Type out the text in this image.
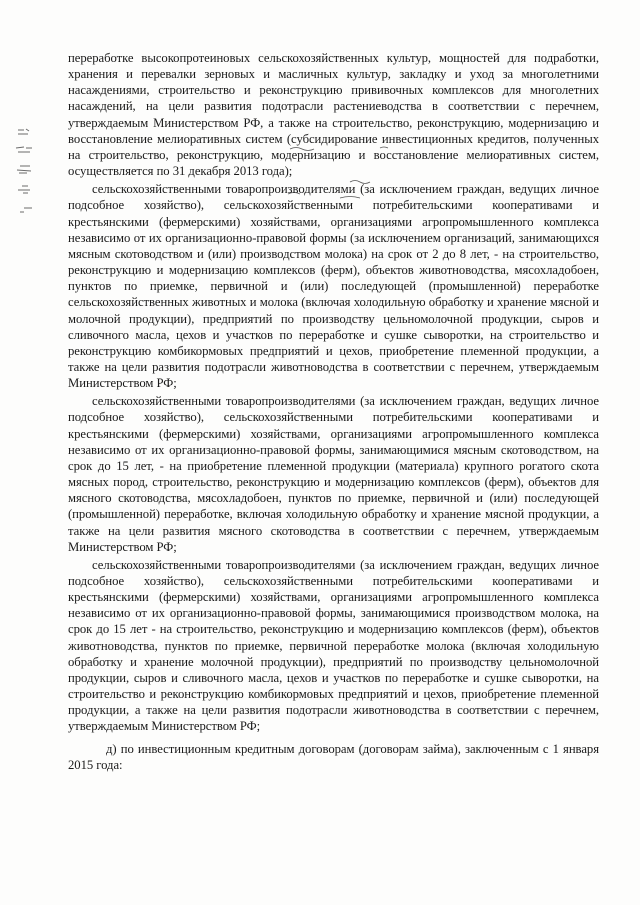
переработке высокопротеиновых сельскохозяйственных культур, мощностей для подработки, хранения и перевалки зерновых и масличных культур, закладку и уход за многолетними насаждениями, строительство и реконструкцию прививочных комплексов для многолетних насаждений, на цели развития подотрасли растениеводства в соответствии с перечнем, утверждаемым Министерством РФ, а также на строительство, реконструкцию, модернизацию и восстановление мелиоративных систем (субсидирование инвестиционных кредитов, полученных на строительство, реконструкцию, модернизацию и восстановление мелиоративных систем, осуществляется по 31 декабря 2013 года);

сельскохозяйственными товаропроизводителями (за исключением граждан, ведущих личное подсобное хозяйство), сельскохозяйственными потребительскими кооперативами и крестьянскими (фермерскими) хозяйствами, организациями агропромышленного комплекса независимо от их организационно-правовой формы (за исключением организаций, занимающихся мясным скотоводством и (или) производством молока) на срок от 2 до 8 лет, - на строительство, реконструкцию и модернизацию комплексов (ферм), объектов животноводства, мясохладобоен, пунктов по приемке, первичной и (или) последующей (промышленной) переработке сельскохозяйственных животных и молока (включая холодильную обработку и хранение мясной и молочной продукции), предприятий по производству цельномолочной продукции, сыров и сливочного масла, цехов и участков по переработке и сушке сыворотки, на строительство и реконструкцию комбикормовых предприятий и цехов, приобретение племенной продукции, а также на цели развития подотрасли животноводства в соответствии с перечнем, утверждаемым Министерством РФ;

сельскохозяйственными товаропроизводителями (за исключением граждан, ведущих личное подсобное хозяйство), сельскохозяйственными потребительскими кооперативами и крестьянскими (фермерскими) хозяйствами, организациями агропромышленного комплекса независимо от их организационно-правовой формы, занимающимися мясным скотоводством, на срок до 15 лет, - на приобретение племенной продукции (материала) крупного рогатого скота мясных пород, строительство, реконструкцию и модернизацию комплексов (ферм), объектов для мясного скотоводства, мясохладобоен, пунктов по приемке, первичной и (или) последующей (промышленной) переработке, включая холодильную обработку и хранение мясной продукции, а также на цели развития мясного скотоводства в соответствии с перечнем, утверждаемым Министерством РФ;

сельскохозяйственными товаропроизводителями (за исключением граждан, ведущих личное подсобное хозяйство), сельскохозяйственными потребительскими кооперативами и крестьянскими (фермерскими) хозяйствами, организациями агропромышленного комплекса независимо от их организационно-правовой формы, занимающимися производством молока, на срок до 15 лет - на строительство, реконструкцию и модернизацию комплексов (ферм), объектов животноводства, пунктов по приемке, первичной переработке молока (включая холодильную обработку и хранение молочной продукции), предприятий по производству цельномолочной продукции, сыров и сливочного масла, цехов и участков по переработке и сушке сыворотки, на строительство и реконструкцию комбикормовых предприятий и цехов, приобретение племенной продукции, а также на цели развития подотрасли животноводства в соответствии с перечнем, утверждаемым Министерством РФ;

д) по инвестиционным кредитным договорам (договорам займа), заключенным с 1 января 2015 года:
